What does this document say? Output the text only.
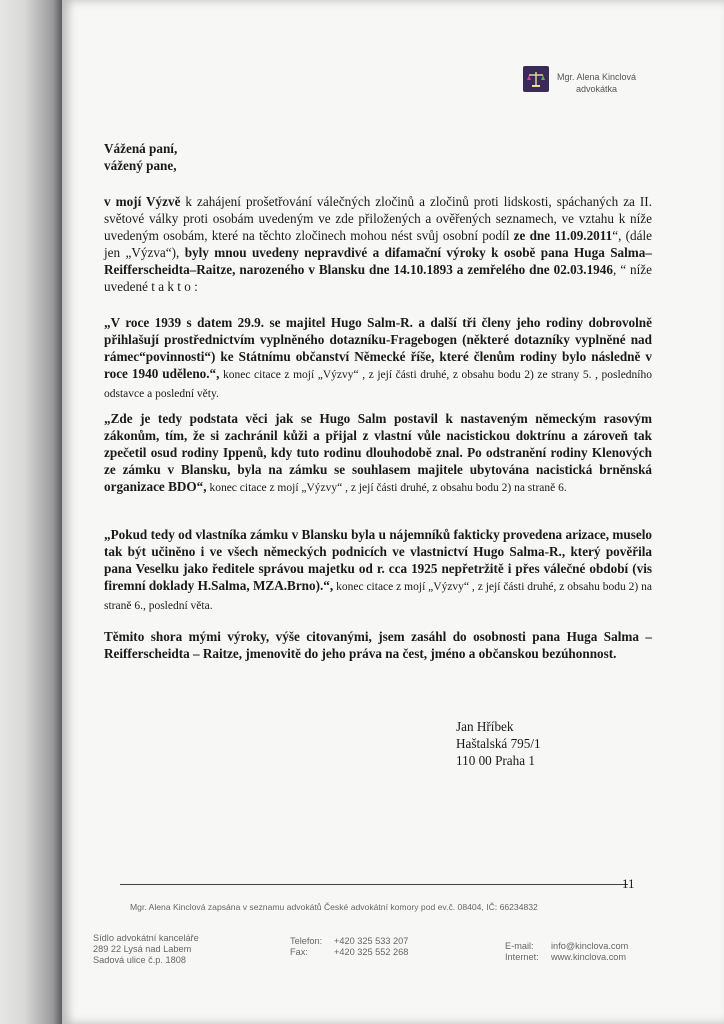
Mgr. Alena Kinclová
advokátka
Vážená paní,
vážený pane,

v mojí Výzvě k zahájení prošetřování válečných zločinů a zločinů proti lidskosti, spáchaných za II. světové války proti osobám uvedeným ve zde přiložených a ověřených seznamech, ve vztahu k níže uvedeným osobám, které na těchto zločinech mohou nést svůj osobní podíl ze dne 11.09.2011“, (dále jen „Výzva“), byly mnou uvedeny nepravdivé a difamační výroky k osobě pana Huga Salma–Reifferscheidta–Raitze, narozeného v Blansku dne 14.10.1893 a zemřelého dne 02.03.1946, “ níže uvedené t a k t o :

„V roce 1939 s datem 29.9. se majitel Hugo Salm-R. a další tři členy jeho rodiny dobrovolně přihlašují prostřednictvím vyplněného dotazníku-Fragebogen (některé dotazníky vyplněné nad rámec“povinnosti“) ke Státnímu občanství Německé říše, které členům rodiny bylo následně v roce 1940 uděleno.“, konec citace z mojí „Výzvy“ , z její části druhé, z obsahu bodu 2) ze strany 5. , posledního odstavce a poslední věty.

„Zde je tedy podstata věci jak se Hugo Salm postavil k nastaveným německým rasovým zákonům, tím, že si zachránil kůži a přijal z vlastní vůle nacistickou doktrínu a zároveň tak zpečetil osud rodiny Ippenů, kdy tuto rodinu dlouhodobě znal. Po odstranění rodiny Klenových ze zámku v Blansku, byla na zámku se souhlasem majitele ubytována nacistická brněnská organizace BDO“, konec citace z mojí „Výzvy“ , z její části druhé, z obsahu bodu 2) na straně 6.

„Pokud tedy od vlastníka zámku v Blansku byla u nájemníků fakticky provedena arizace, muselo tak být učiněno i ve všech německých podnicích ve vlastnictví Hugo Salma-R., který pověřila pana Veselku jako ředitele správou majetku od r. cca 1925 nepřetržitě i přes válečné období (vis firemní doklady H.Salma, MZA.Brno).“, konec citace z mojí „Výzvy“ , z její části druhé, z obsahu bodu 2) na straně 6., poslední věta.

Těmito shora mými výroky, výše citovanými, jsem zasáhl do osobnosti pana Huga Salma – Reifferscheidta – Raitze, jmenovitě do jeho práva na čest, jméno a občanskou bezúhonnost.

Jan Hříbek
Haštalská 795/1
110 00 Praha 1
11
Mgr. Alena Kinclová zapsána v seznamu advokátů České advokátní komory pod ev.č. 08404, IČ: 66234832
Sídlo advokátní kanceláře
289 22 Lysá nad Labem
Sadová ulice č.p. 1808
Telefon:
Fax:
+420 325 533 207
+420 325 552 268
E-mail:
Internet:
info@kinclova.com
www.kinclova.com
